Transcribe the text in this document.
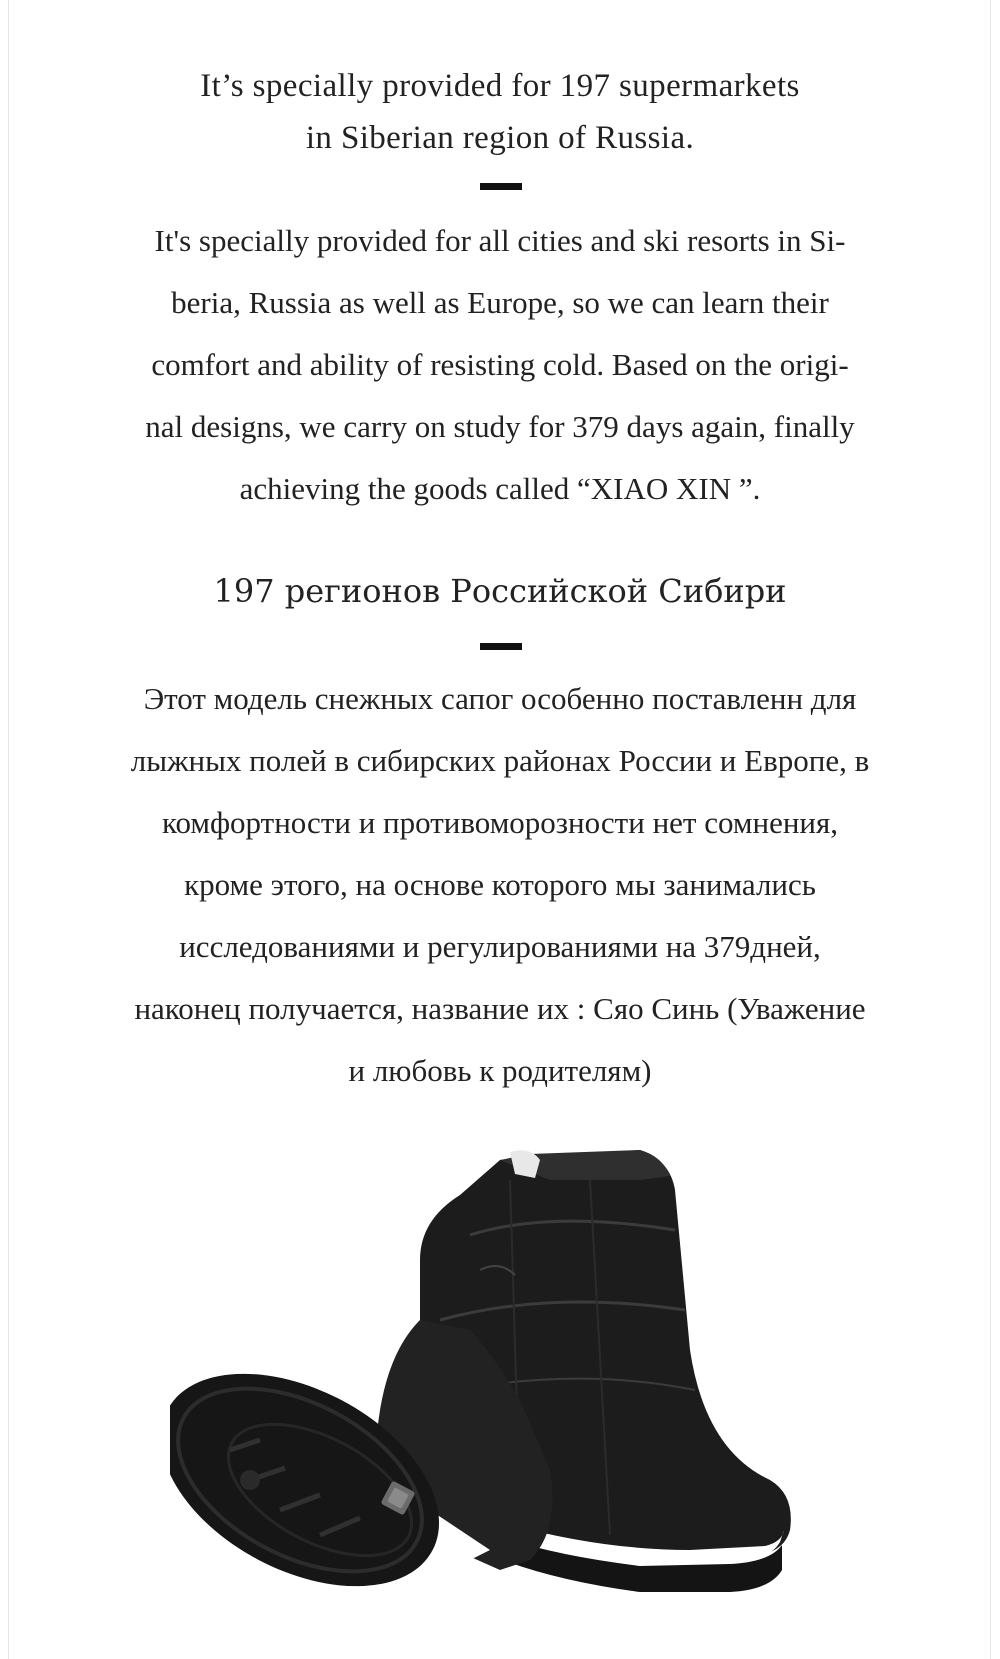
It’s specially provided for 197 supermarkets
in Siberian region of Russia.
It's specially provided for all cities and ski resorts in Si-
beria, Russia as well as Europe, so we can learn their
comfort and ability of resisting cold. Based on the origi-
nal designs, we carry on study for 379 days again, finally
achieving the goods called “XIAO XIN ”.
197 регионов Российской Сибири
Этот модель снежных сапог особенно поставленн для
лыжных полей в сибирских районах России и Европе, в
комфортности и противоморозности нет сомнения,
кроме этого, на основе которого мы занимались
исследованиями и регулированиями на 379дней,
наконец получается, название их : Сяо Синь (Уважение
и любовь к родителям)
